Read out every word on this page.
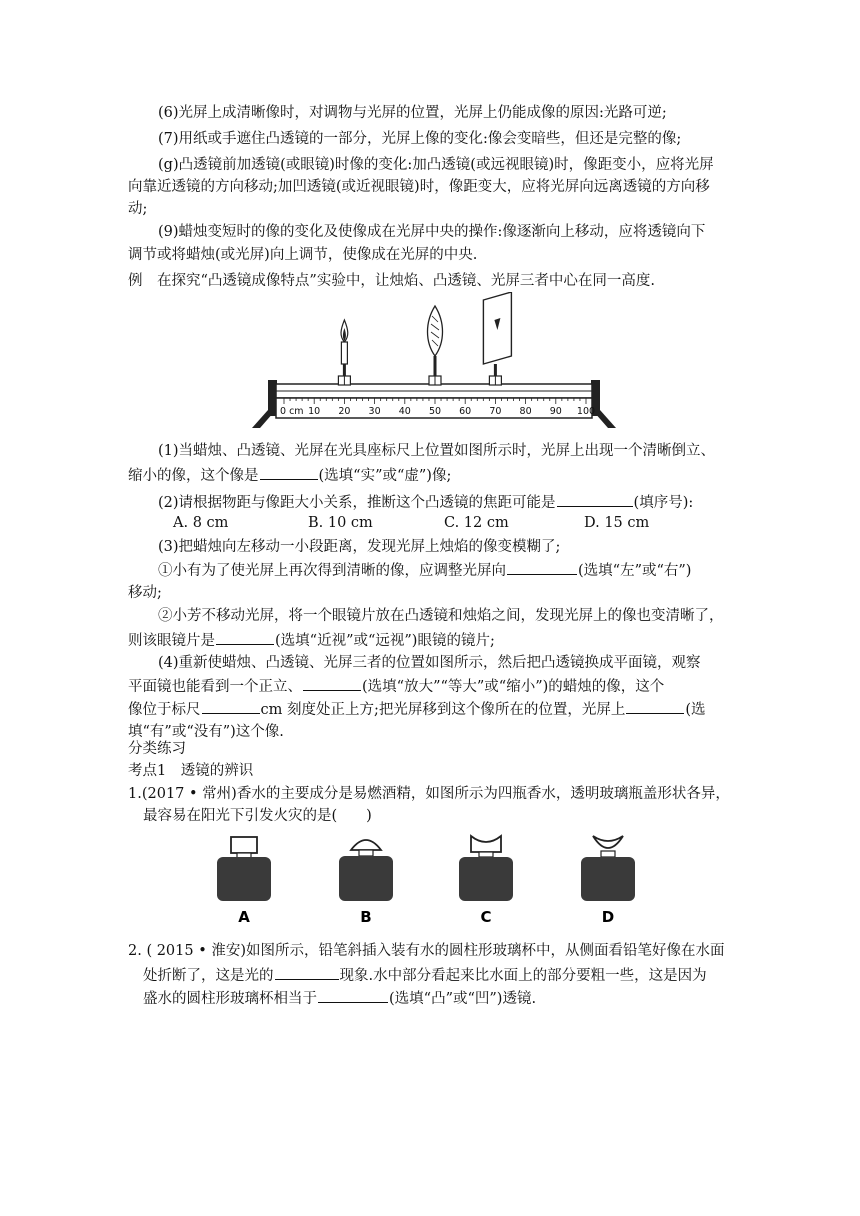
(6)光屏上成清晰像时，对调物与光屏的位置，光屏上仍能成像的原因:光路可逆;
(7)用纸或手遮住凸透镜的一部分，光屏上像的变化:像会变暗些，但还是完整的像;
(g)凸透镜前加透镜(或眼镜)时像的变化:加凸透镜(或远视眼镜)时，像距变小，应将光屏
向靠近透镜的方向移动;加凹透镜(或近视眼镜)时，像距变大，应将光屏向远离透镜的方向移
动;
(9)蜡烛变短时的像的变化及使像成在光屏中央的操作:像逐渐向上移动，应将透镜向下
调节或将蜡烛(或光屏)向上调节，使像成在光屏的中央.
例　在探究“凸透镜成像特点”实验中，让烛焰、凸透镜、光屏三者中心在同一高度.
0 cm 10 20 30 40 50 60 70 80 90 100
(1)当蜡烛、凸透镜、光屏在光具座标尺上位置如图所示时，光屏上出现一个清晰倒立、
缩小的像，这个像是	(选填“实”或“虚”)像;
(2)请根据物距与像距大小关系，推断这个凸透镜的焦距可能是	(填序号):
A. 8 cm	B. 10 cm	C. 12 cm	D. 15 cm
(3)把蜡烛向左移动一小段距离，发现光屏上烛焰的像变模糊了;
①小有为了使光屏上再次得到清晰的像，应调整光屏向	(选填“左”或“右”)
移动;
②小芳不移动光屏，将一个眼镜片放在凸透镜和烛焰之间，发现光屏上的像也变清晰了，
则该眼镜片是	(选填“近视”或“远视”)眼镜的镜片;
(4)重新使蜡烛、凸透镜、光屏三者的位置如图所示，然后把凸透镜换成平面镜，观察
平面镜也能看到一个正立、	(选填“放大”“等大”或“缩小”)的蜡烛的像，这个
像位于标尺	cm 刻度处正上方;把光屏移到这个像所在的位置，光屏上	(选
填“有”或“没有”)这个像.
分类练习
考点1　透镜的辨识
1.(2017 • 常州)香水的主要成分是易燃酒精，如图所示为四瓶香水，透明玻璃瓶盖形状各异，
最容易在阳光下引发火灾的是(　　)
A	B	C	D
2. ( 2015 • 淮安)如图所示，铅笔斜插入装有水的圆柱形玻璃杯中，从侧面看铅笔好像在水面
处折断了，这是光的	现象.水中部分看起来比水面上的部分要粗一些，这是因为
盛水的圆柱形玻璃杯相当于	(选填“凸”或“凹”)透镜.
